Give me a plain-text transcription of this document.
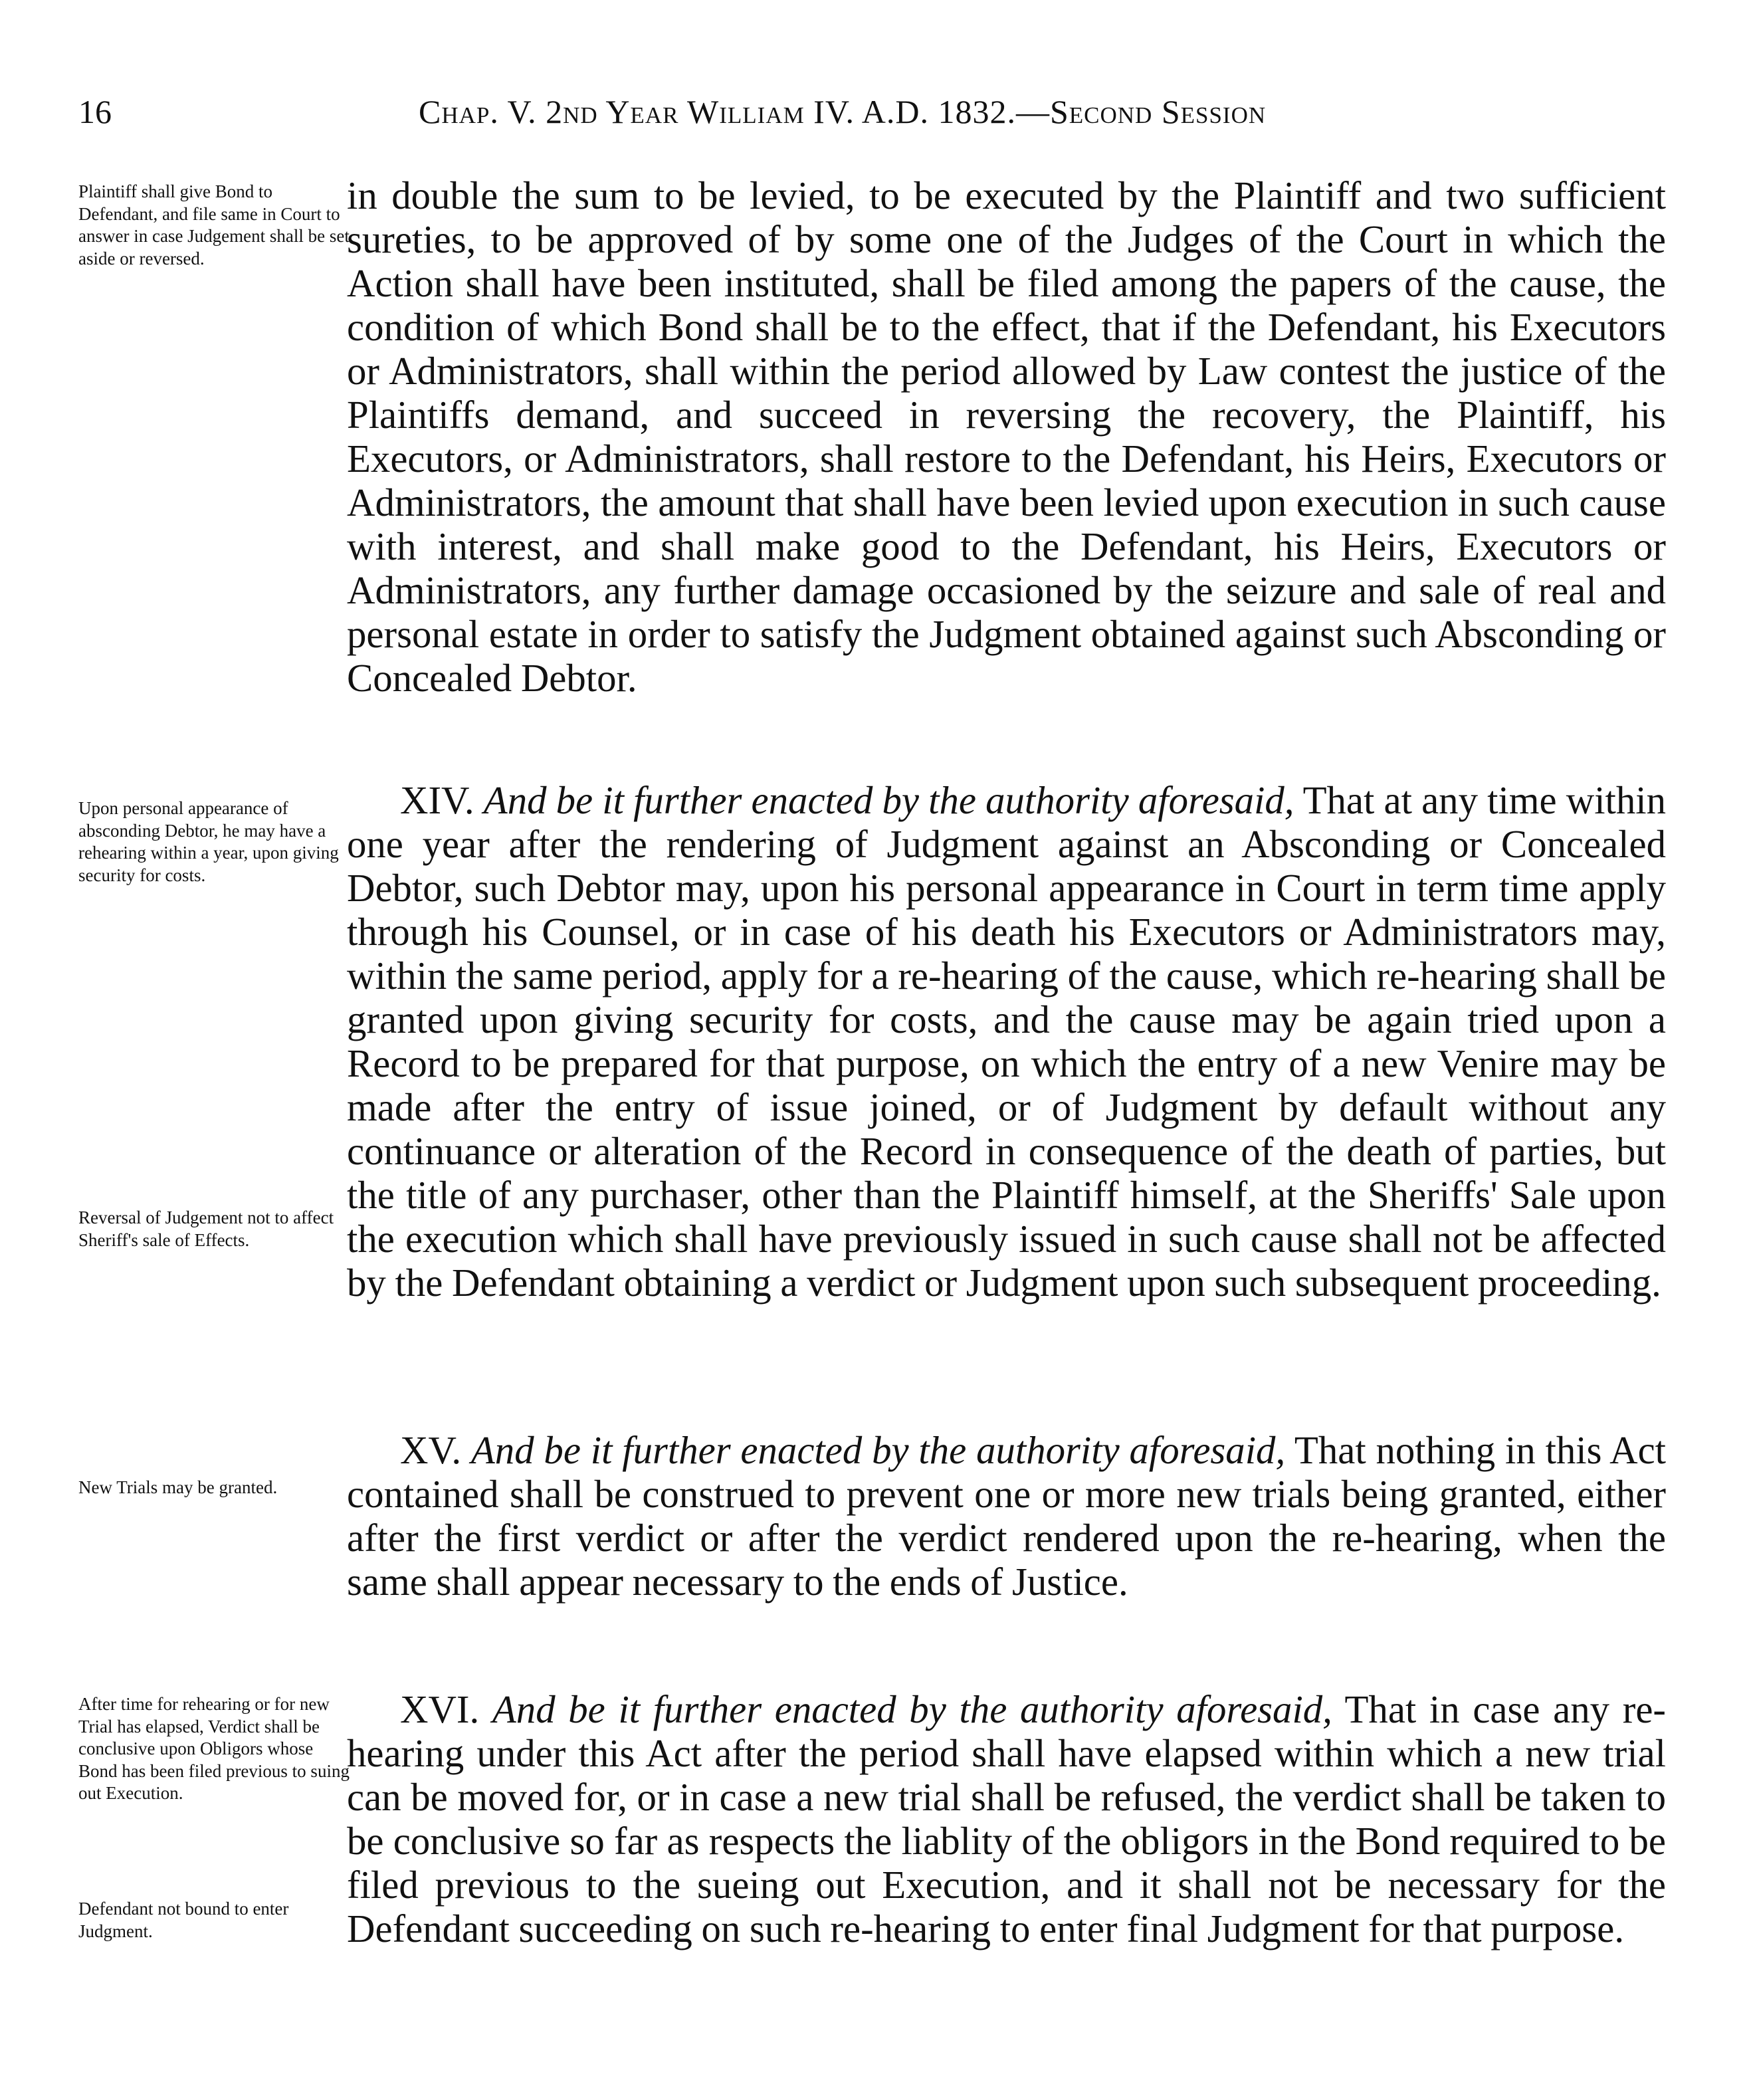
16	Chap. V. 2nd Year William IV. A.D. 1832.—Second Session

Plaintiff shall give Bond to Defendant, and file same in Court to answer in case Judgement shall be set aside or reversed.

Upon personal appearance of absconding Debtor, he may have a rehearing within a year, upon giving security for costs.

Reversal of Judgement not to affect Sheriff's sale of Effects.

New Trials may be granted.

After time for rehearing or for new Trial has elapsed, Verdict shall be conclusive upon Obligors whose Bond has been filed previous to suing out Execution.

Defendant not bound to enter Judgment.

in double the sum to be levied, to be executed by the Plaintiff and two sufficient sureties, to be approved of by some one of the Judges of the Court in which the Action shall have been instituted, shall be filed among the papers of the cause, the condition of which Bond shall be to the effect, that if the Defendant, his Executors or Administrators, shall within the period allowed by Law contest the justice of the Plaintiffs demand, and succeed in reversing the recovery, the Plaintiff, his Executors, or Administrators, shall restore to the Defendant, his Heirs, Executors or Administrators, the amount that shall have been levied upon execution in such cause with interest, and shall make good to the Defendant, his Heirs, Executors or Administrators, any further damage occasioned by the seizure and sale of real and personal estate in order to satisfy the Judgment obtained against such Absconding or Concealed Debtor.

XIV. And be it further enacted by the authority aforesaid, That at any time within one year after the rendering of Judgment against an Absconding or Concealed Debtor, such Debtor may, upon his personal appearance in Court in term time apply through his Counsel, or in case of his death his Executors or Administrators may, within the same period, apply for a re-hearing of the cause, which re-hearing shall be granted upon giving security for costs, and the cause may be again tried upon a Record to be prepared for that purpose, on which the entry of a new Venire may be made after the entry of issue joined, or of Judgment by default without any continuance or alteration of the Record in consequence of the death of parties, but the title of any purchaser, other than the Plaintiff himself, at the Sheriffs' Sale upon the execution which shall have previously issued in such cause shall not be affected by the Defendant obtaining a verdict or Judgment upon such subsequent proceeding.

XV. And be it further enacted by the authority aforesaid, That nothing in this Act contained shall be construed to prevent one or more new trials being granted, either after the first verdict or after the verdict rendered upon the re-hearing, when the same shall appear necessary to the ends of Justice.

XVI. And be it further enacted by the authority aforesaid, That in case any re-hearing under this Act after the period shall have elapsed within which a new trial can be moved for, or in case a new trial shall be refused, the verdict shall be taken to be conclusive so far as respects the liablity of the obligors in the Bond required to be filed previous to the sueing out Execution, and it shall not be necessary for the Defendant succeeding on such re-hearing to enter final Judgment for that purpose.
